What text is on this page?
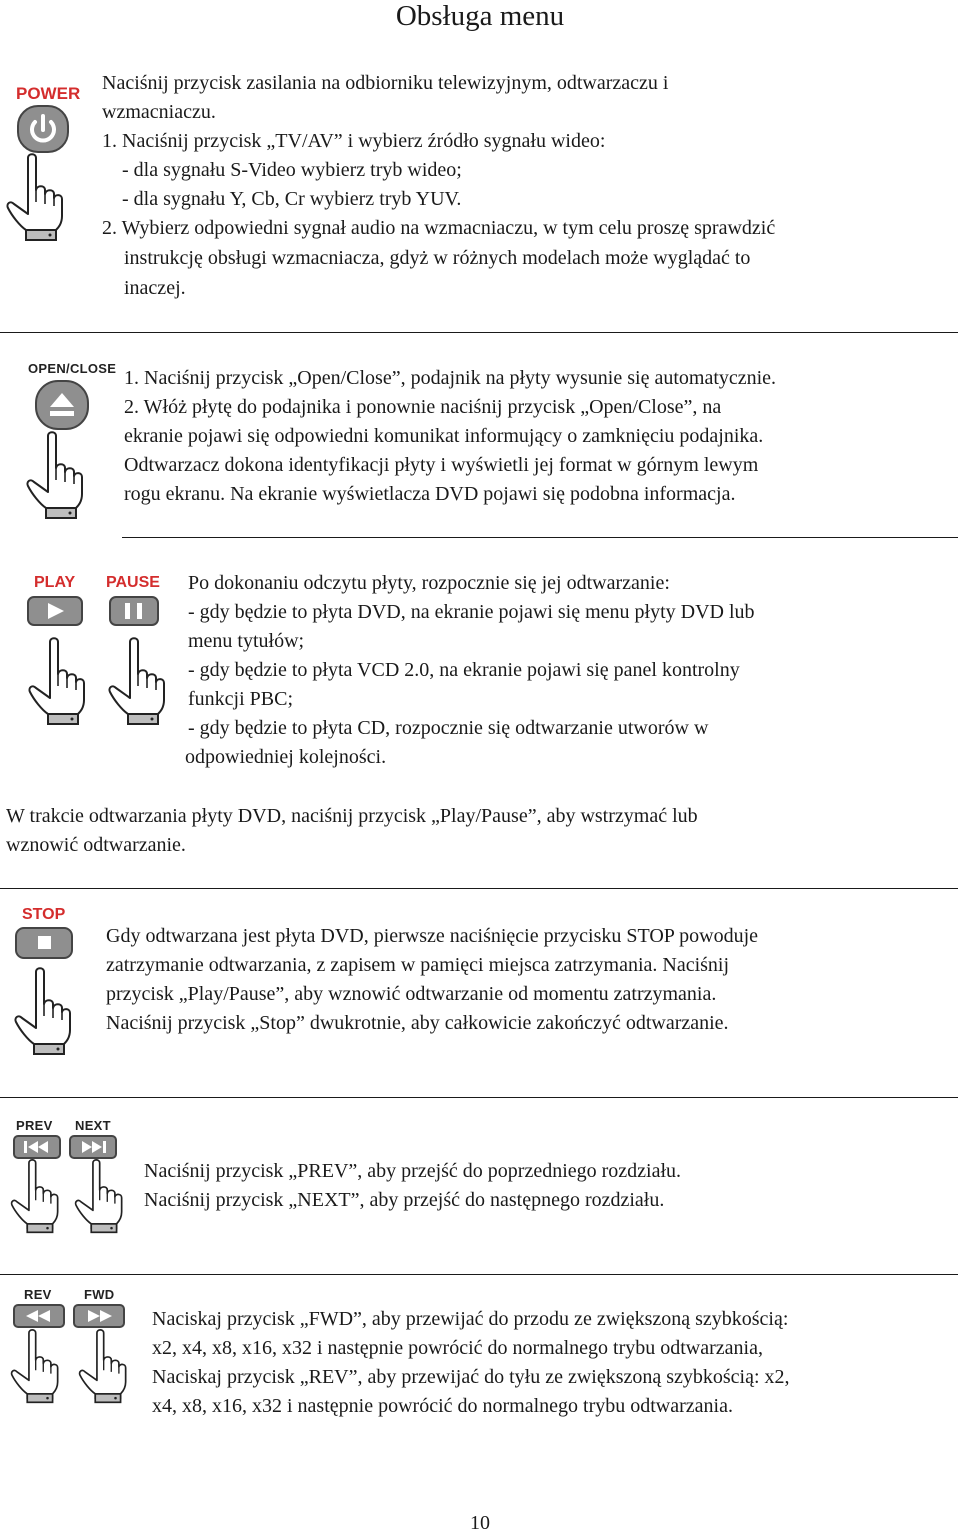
Obsługa menu
POWER Naciśnij przycisk zasilania na odbiorniku telewizyjnym, odtwarzaczu i
wzmacniaczu.
1. Naciśnij przycisk „TV/AV” i wybierz źródło sygnału wideo:
- dla sygnału S-Video wybierz tryb wideo;
- dla sygnału Y, Cb, Cr wybierz tryb YUV.
2. Wybierz odpowiedni sygnał audio na wzmacniaczu, w tym celu proszę sprawdzić
instrukcję obsługi wzmacniacza, gdyż w różnych modelach może wyglądać to
inaczej.
OPEN/CLOSE 1. Naciśnij przycisk „Open/Close”, podajnik na płyty wysunie się automatycznie.
2. Włóż płytę do podajnika i ponownie naciśnij przycisk „Open/Close”, na
ekranie pojawi się odpowiedni komunikat informujący o zamknięciu podajnika.
Odtwarzacz dokona identyfikacji płyty i wyświetli jej format w górnym lewym
rogu ekranu. Na ekranie wyświetlacza DVD pojawi się podobna informacja.
PLAY PAUSE Po dokonaniu odczytu płyty, rozpocznie się jej odtwarzanie:
- gdy będzie to płyta DVD, na ekranie pojawi się menu płyty DVD lub
menu tytułów;
- gdy będzie to płyta VCD 2.0, na ekranie pojawi się panel kontrolny
funkcji PBC;
- gdy będzie to płyta CD, rozpocznie się odtwarzanie utworów w
odpowiedniej kolejności.
W trakcie odtwarzania płyty DVD, naciśnij przycisk „Play/Pause”, aby wstrzymać lub
wznowić odtwarzanie.
STOP
Gdy odtwarzana jest płyta DVD, pierwsze naciśnięcie przycisku STOP powoduje
zatrzymanie odtwarzania, z zapisem w pamięci miejsca zatrzymania. Naciśnij
przycisk „Play/Pause”, aby wznowić odtwarzanie od momentu zatrzymania.
Naciśnij przycisk „Stop” dwukrotnie, aby całkowicie zakończyć odtwarzanie.
PREV NEXT
Naciśnij przycisk „PREV”, aby przejść do poprzedniego rozdziału.
Naciśnij przycisk „NEXT”, aby przejść do następnego rozdziału.
REV FWD
Naciskaj przycisk „FWD”, aby przewijać do przodu ze zwiększoną szybkością:
x2, x4, x8, x16, x32 i następnie powrócić do normalnego trybu odtwarzania,
Naciskaj przycisk „REV”, aby przewijać do tyłu ze zwiększoną szybkością: x2,
x4, x8, x16, x32 i następnie powrócić do normalnego trybu odtwarzania.
10
